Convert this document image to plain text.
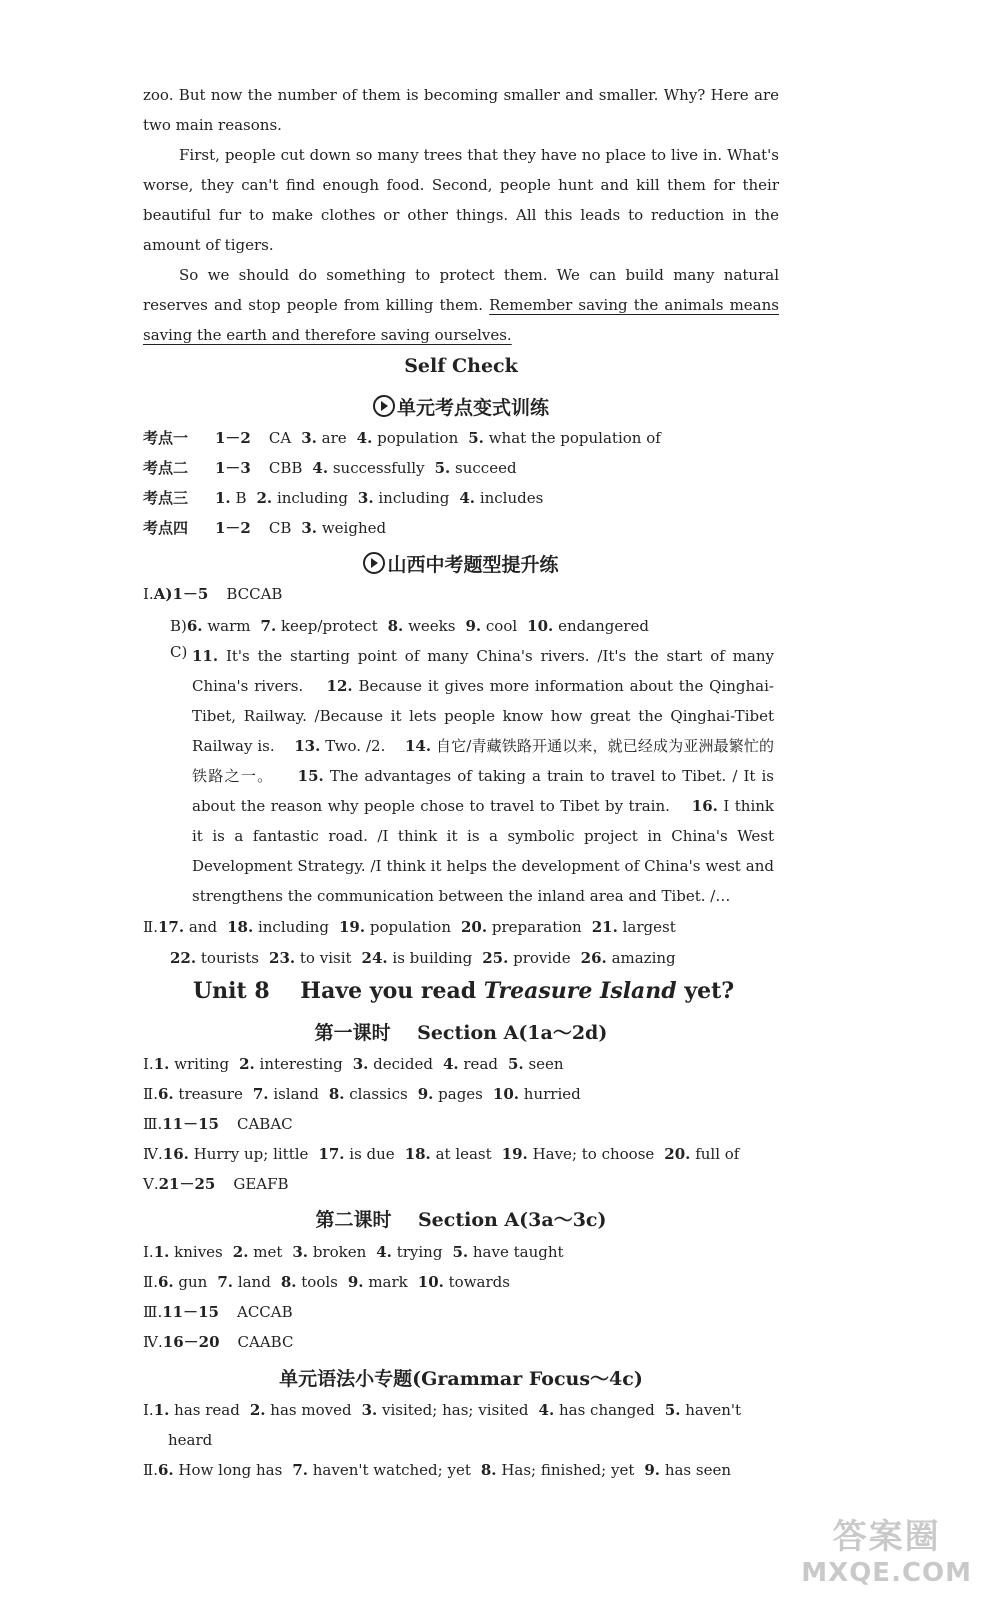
zoo. But now the number of them is becoming smaller and smaller. Why? Here are two main reasons.
First, people cut down so many trees that they have no place to live in. What's worse, they can't find enough food. Second, people hunt and kill them for their beautiful fur to make clothes or other things. All this leads to reduction in the amount of tigers.
So we should do something to protect them. We can build many natural reserves and stop people from killing them. Remember saving the animals means saving the earth and therefore saving ourselves.
Self Check
单元考点变式训练
考点一 1－2 CA 3. are 4. population 5. what the population of
考点二 1－3 CBB 4. successfully 5. succeed
考点三 1. B 2. including 3. including 4. includes
考点四 1－2 CB 3. weighed
山西中考题型提升练
Ⅰ.A)1－5 BCCAB
B)6. warm 7. keep/protect 8. weeks 9. cool 10. endangered
C) 11. It's the starting point of many China's rivers. /It's the start of many China's rivers. 12. Because it gives more information about the Qinghai-Tibet, Railway. /Because it lets people know how great the Qinghai-Tibet Railway is. 13. Two. /2. 14. 自它/青藏铁路开通以来，就已经成为亚洲最繁忙的铁路之一。 15. The advantages of taking a train to travel to Tibet. / It is about the reason why people chose to travel to Tibet by train. 16. I think it is a fantastic road. /I think it is a symbolic project in China's West Development Strategy. /I think it helps the development of China's west and strengthens the communication between the inland area and Tibet. /…
Ⅱ.17. and 18. including 19. population 20. preparation 21. largest
22. tourists 23. to visit 24. is building 25. provide 26. amazing
Unit 8    Have you read Treasure Island yet?
第一课时    Section A(1a～2d)
Ⅰ.1. writing 2. interesting 3. decided 4. read 5. seen
Ⅱ.6. treasure 7. island 8. classics 9. pages 10. hurried
Ⅲ.11－15 CABAC
Ⅳ.16. Hurry up; little 17. is due 18. at least 19. Have; to choose 20. full of
Ⅴ.21－25 GEAFB
第二课时    Section A(3a～3c)
Ⅰ.1. knives 2. met 3. broken 4. trying 5. have taught
Ⅱ.6. gun 7. land 8. tools 9. mark 10. towards
Ⅲ.11－15 ACCAB
Ⅳ.16－20 CAABC
单元语法小专题(Grammar Focus～4c)
Ⅰ.1. has read 2. has moved 3. visited; has; visited 4. has changed 5. haven't
heard
Ⅱ.6. How long has 7. haven't watched; yet 8. Has; finished; yet 9. has seen
答案圈
MXQE.COM
